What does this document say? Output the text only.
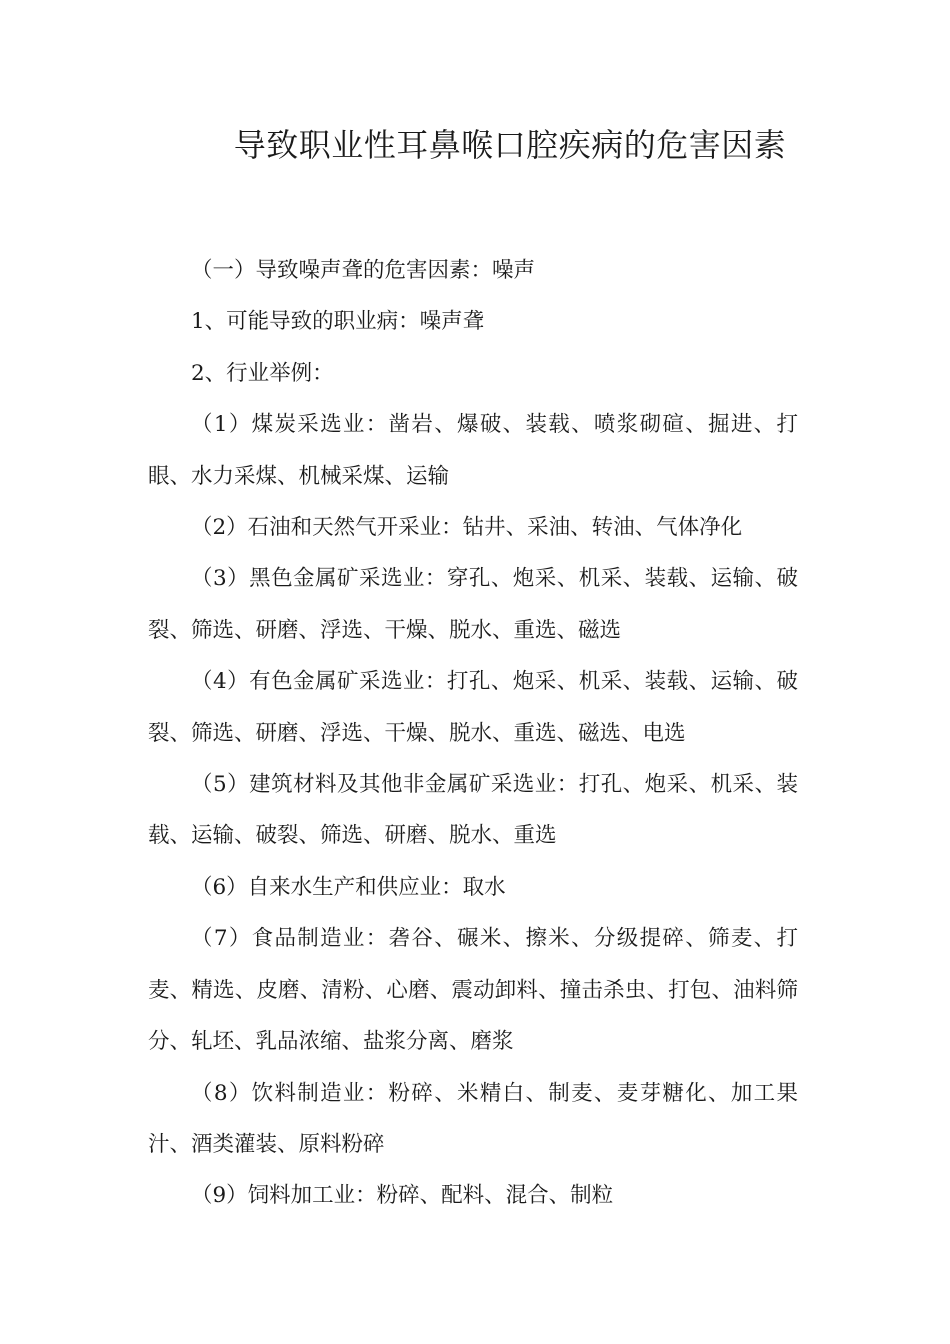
导致职业性耳鼻喉口腔疾病的危害因素

（一）导致噪声聋的危害因素：噪声

1、可能导致的职业病：噪声聋

2、行业举例：

（1）煤炭采选业：凿岩、爆破、装载、喷浆砌碹、掘进、打眼、水力采煤、机械采煤、运输

（2）石油和天然气开采业：钻井、采油、转油、气体净化

（3）黑色金属矿采选业：穿孔、炮采、机采、装载、运输、破裂、筛选、研磨、浮选、干燥、脱水、重选、磁选

（4）有色金属矿采选业：打孔、炮采、机采、装载、运输、破裂、筛选、研磨、浮选、干燥、脱水、重选、磁选、电选

（5）建筑材料及其他非金属矿采选业：打孔、炮采、机采、装载、运输、破裂、筛选、研磨、脱水、重选

（6）自来水生产和供应业：取水

（7）食品制造业：砻谷、碾米、擦米、分级提碎、筛麦、打麦、精选、皮磨、清粉、心磨、震动卸料、撞击杀虫、打包、油料筛分、轧坯、乳品浓缩、盐浆分离、磨浆

（8）饮料制造业：粉碎、米精白、制麦、麦芽糖化、加工果汁、酒类灌装、原料粉碎

（9）饲料加工业：粉碎、配料、混合、制粒
